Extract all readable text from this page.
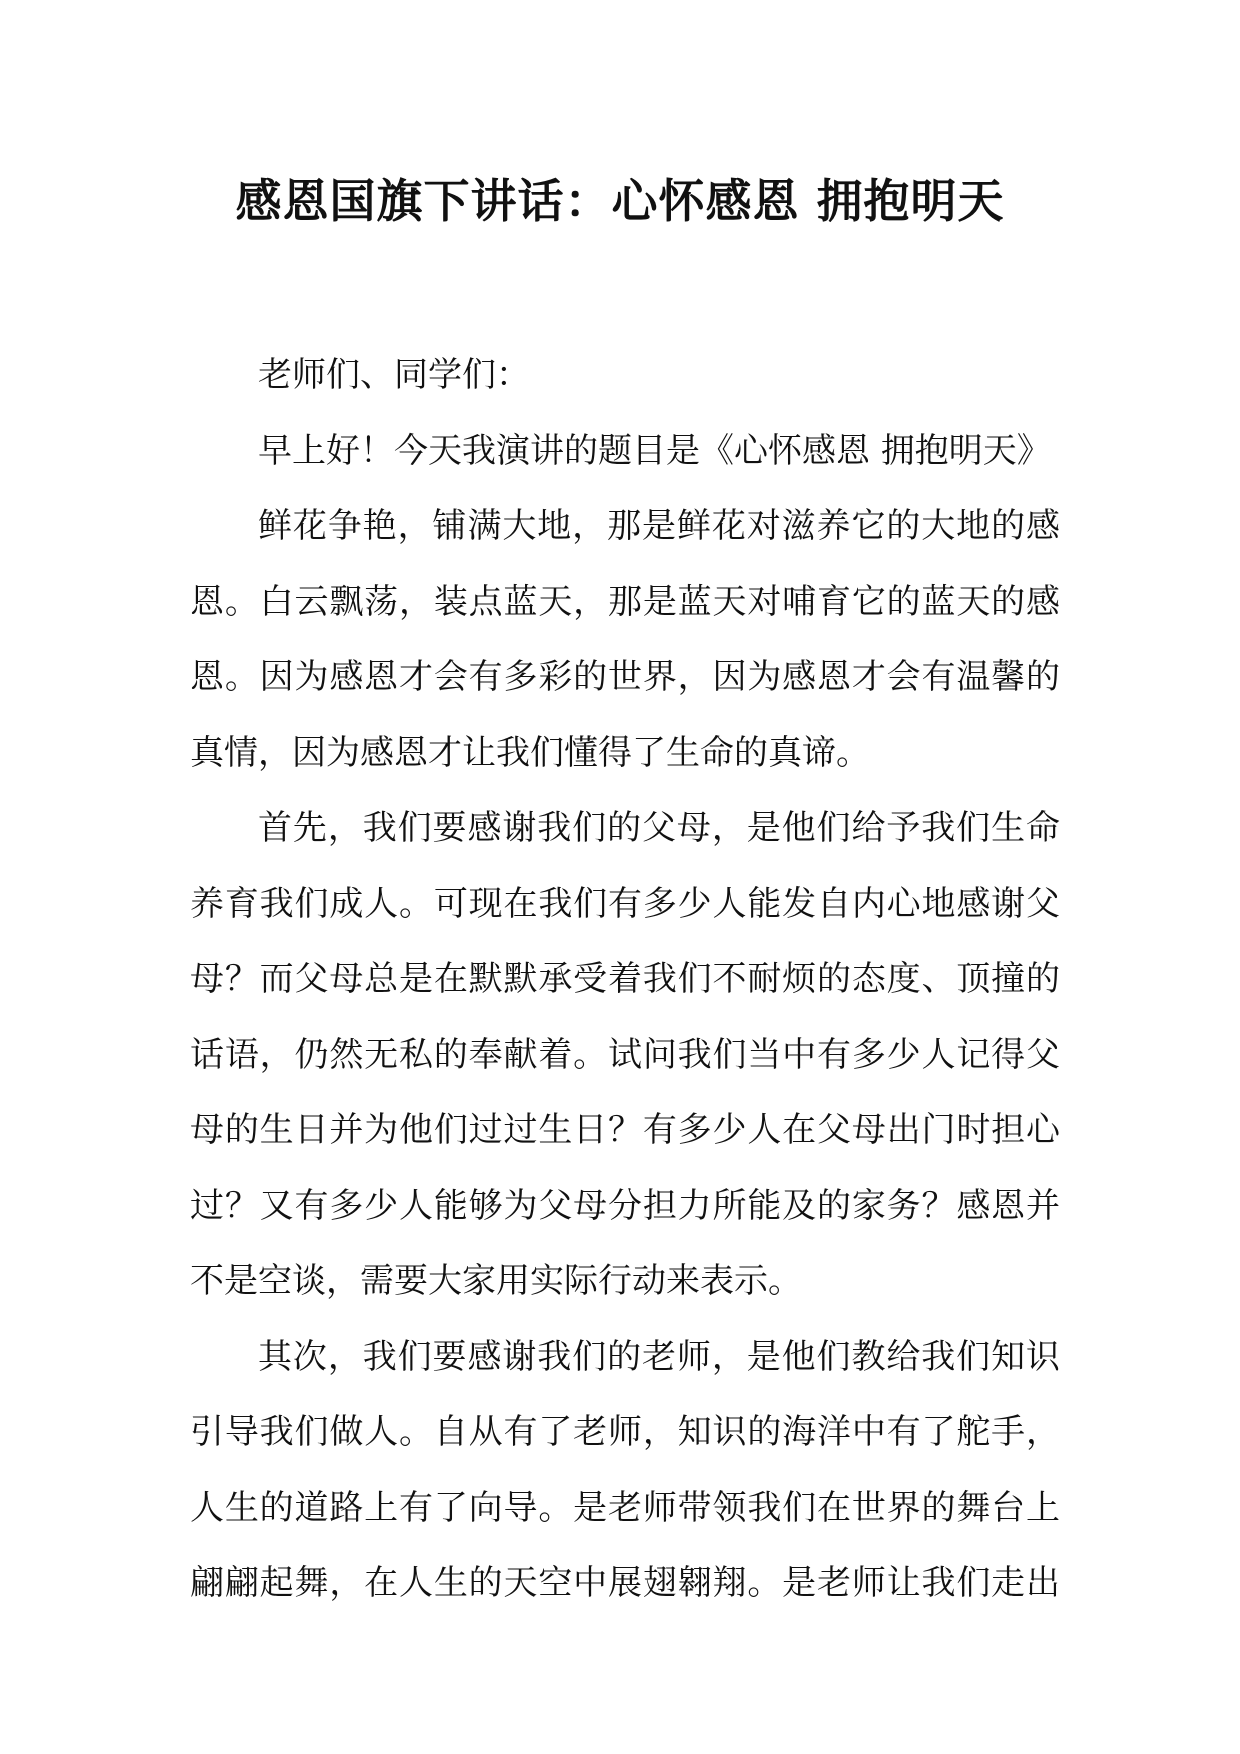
感恩国旗下讲话：心怀感恩 拥抱明天
老师们、同学们：
早上好！今天我演讲的题目是《心怀感恩 拥抱明天》
鲜花争艳，铺满大地，那是鲜花对滋养它的大地的感
恩。白云飘荡，装点蓝天，那是蓝天对哺育它的蓝天的感
恩。因为感恩才会有多彩的世界，因为感恩才会有温馨的
真情，因为感恩才让我们懂得了生命的真谛。
首先，我们要感谢我们的父母，是他们给予我们生命
养育我们成人。可现在我们有多少人能发自内心地感谢父
母？而父母总是在默默承受着我们不耐烦的态度、顶撞的
话语，仍然无私的奉献着。试问我们当中有多少人记得父
母的生日并为他们过过生日？有多少人在父母出门时担心
过？又有多少人能够为父母分担力所能及的家务？感恩并
不是空谈，需要大家用实际行动来表示。
其次，我们要感谢我们的老师，是他们教给我们知识
引导我们做人。自从有了老师，知识的海洋中有了舵手，
人生的道路上有了向导。是老师带领我们在世界的舞台上
翩翩起舞，在人生的天空中展翅翱翔。是老师让我们走出
